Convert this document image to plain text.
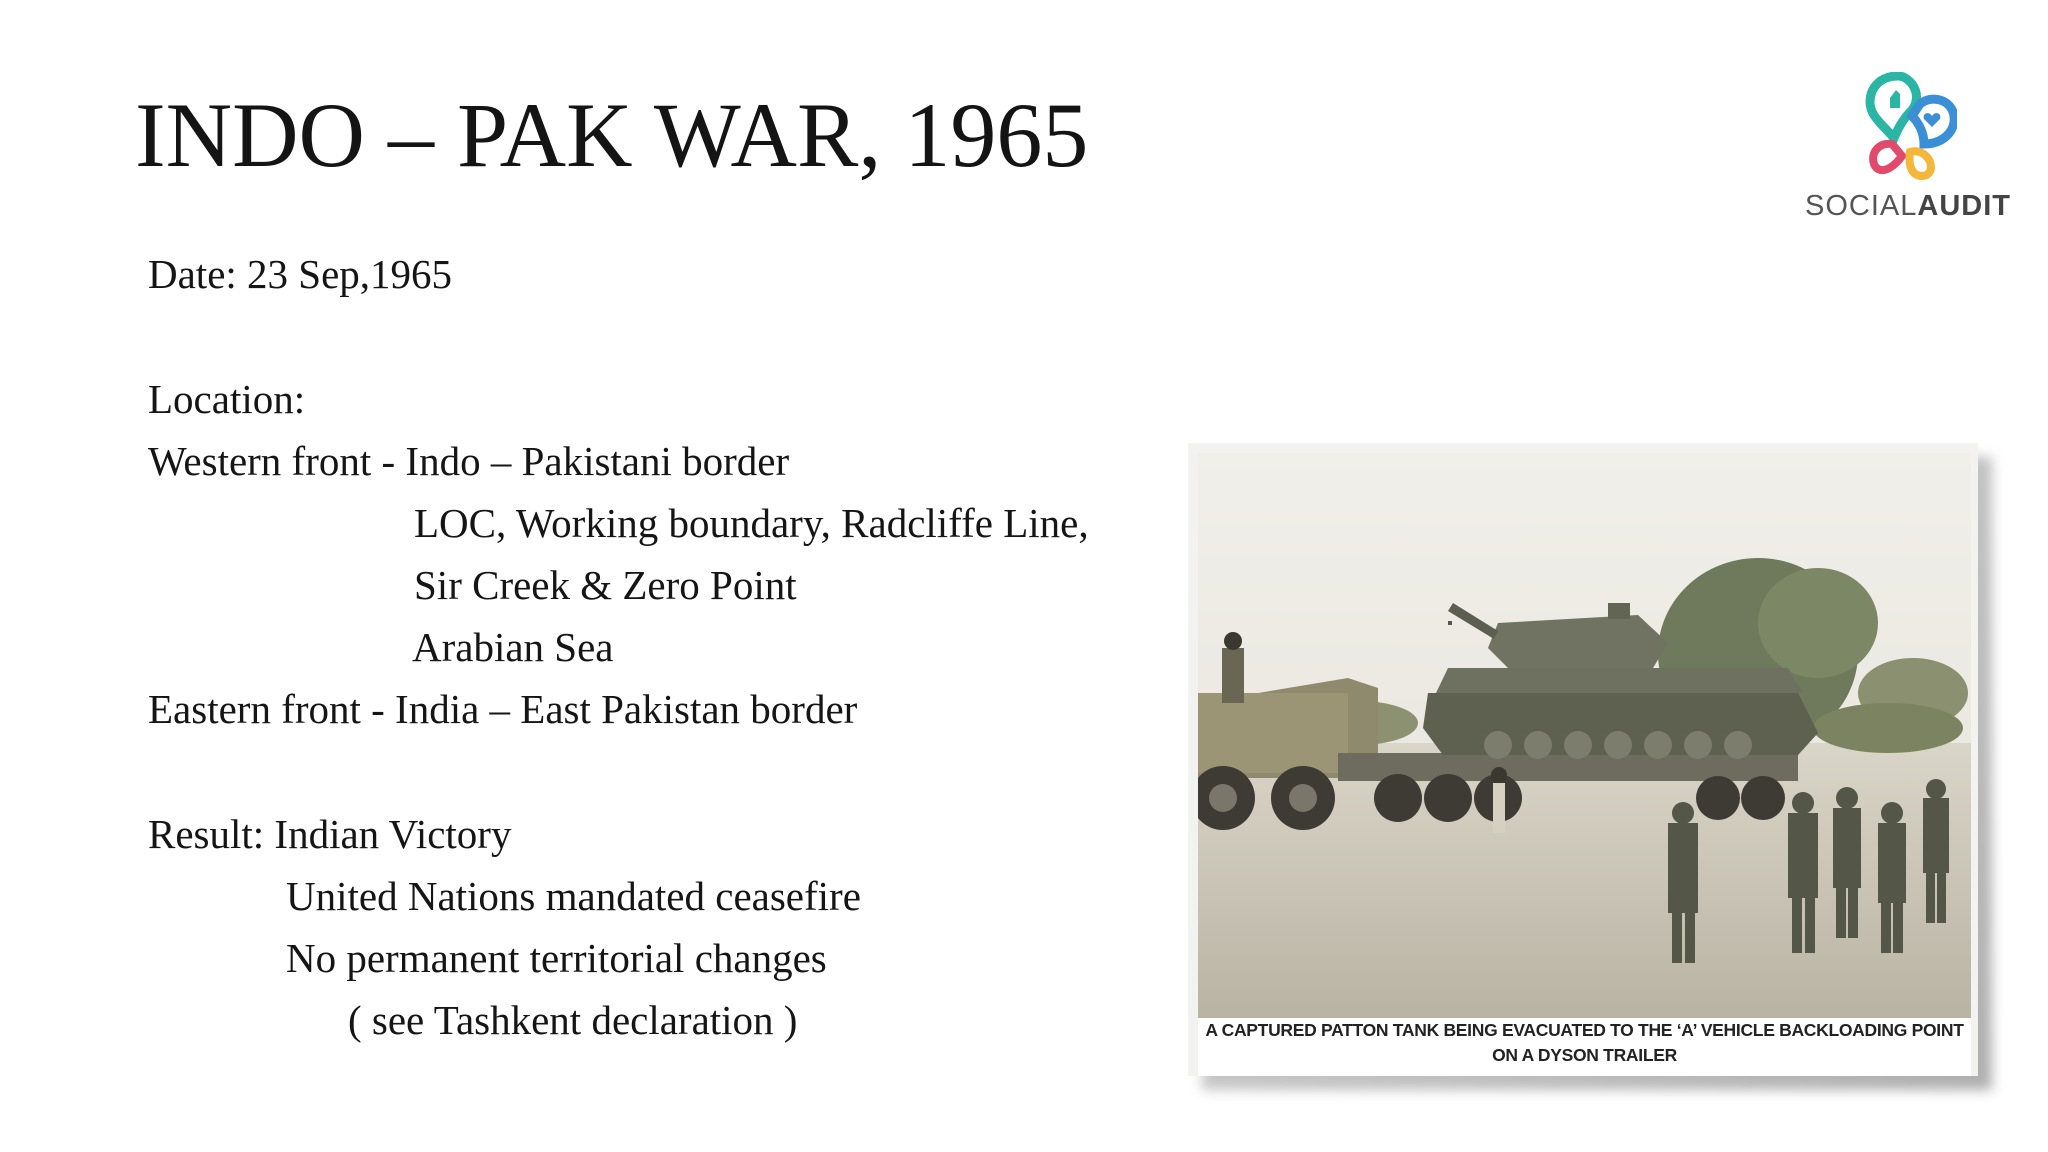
INDO – PAK WAR, 1965
SOCIALAUDIT
Date: 23 Sep,1965
Location:
Western front - Indo – Pakistani border
LOC, Working boundary, Radcliffe Line,
Sir Creek & Zero Point
Arabian Sea
Eastern front - India – East Pakistan border
Result: Indian Victory
United Nations mandated ceasefire
No permanent territorial changes
( see Tashkent declaration )	A CAPTURED PATTON TANK BEING EVACUATED TO THE ‘A’ VEHICLE BACKLOADING POINT
ON A DYSON TRAILER
